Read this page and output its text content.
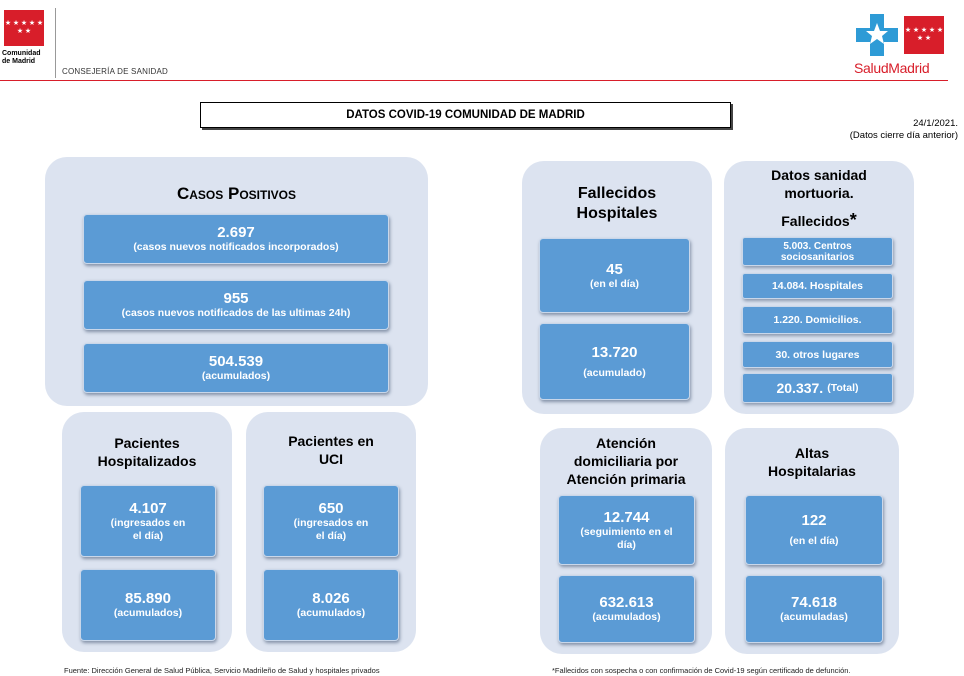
★ ★ ★ ★ ★
★ ★
Comunidad
de Madrid
CONSEJERÍA DE SANIDAD
★ ★ ★ ★ ★
★ ★
SaludMadrid
DATOS COVID-19 COMUNIDAD DE MADRID
24/1/2021.
(Datos cierre día anterior)
Casos Positivos
2.697
(casos nuevos notificados incorporados)
955
(casos nuevos notificados de las ultimas 24h)
504.539
(acumulados)
Pacientes
Hospitalizados
4.107
(ingresados en
el día)
85.890
(acumulados)
Pacientes en
UCI
650
(ingresados en
el día)
8.026
(acumulados)
Fallecidos
Hospitales
45
(en el día)
13.720
(acumulado)
Datos sanidad
mortuoria.
Fallecidos*
5.003. Centros
sociosanitarios
14.084. Hospitales
1.220. Domicilios.
30. otros lugares
20.337. (Total)
Atención
domiciliaria por
Atención primaria
12.744
(seguimiento en el
día)
632.613
(acumulados)
Altas
Hospitalarias
122
(en el día)
74.618
(acumuladas)
Fuente: Dirección General de Salud Pública, Servicio Madrileño de Salud y hospitales privados	*Fallecidos con sospecha o con confirmación de Covid-19 según certificado de defunción.
